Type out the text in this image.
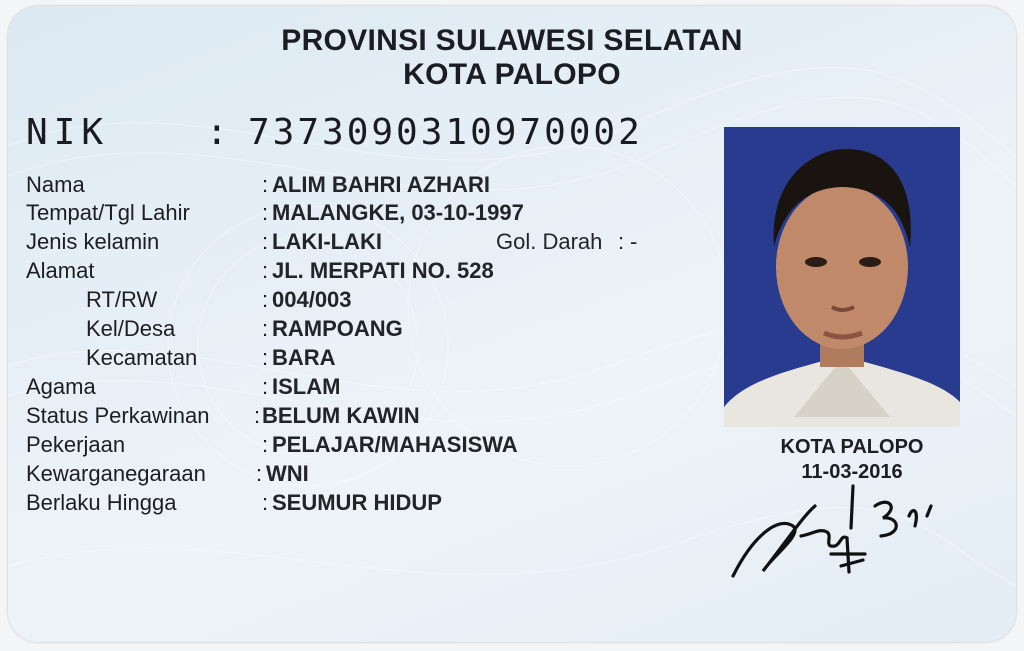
PROVINSI SULAWESI SELATAN
KOTA PALOPO
NIK	: 7373090310970002
Nama	: ALIM BAHRI AZHARI
Tempat/Tgl Lahir	: MALANGKE, 03-10-1997
Jenis kelamin	: LAKI-LAKI	Gol. Darah : -
Alamat	: JL. MERPATI NO. 528
RT/RW	: 004/003
Kel/Desa	: RAMPOANG
Kecamatan	: BARA
Agama	: ISLAM
Status Perkawinan : BELUM KAWIN
Pekerjaan	: PELAJAR/MAHASISWA
Kewarganegaraan : WNI
Berlaku Hingga	: SEUMUR HIDUP
KOTA PALOPO
11-03-2016
